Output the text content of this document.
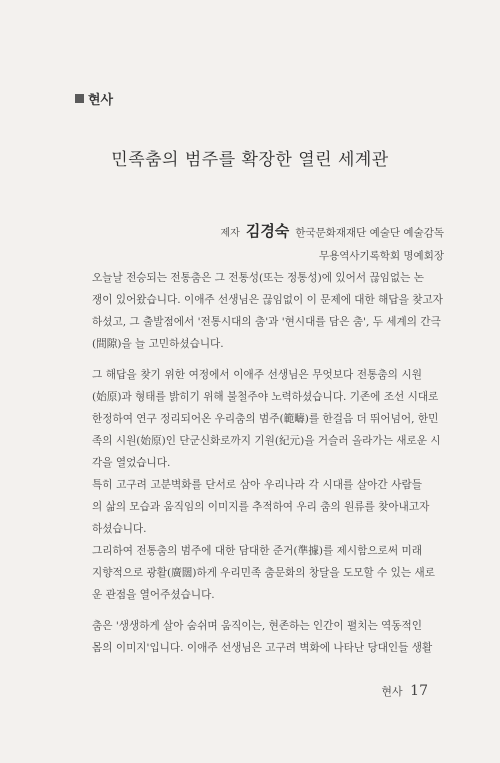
현사
민족춤의 범주를 확장한 열린 세계관
제자 김경숙 한국문화재재단 예술단 예술감독
무용역사기록학회 명예회장

오늘날 전승되는 전통춤은 그 전통성(또는 정통성)에 있어서 끊임없는 논
쟁이 있어왔습니다. 이애주 선생님은 끊임없이 이 문제에 대한 해답을 찾고자
하셨고, 그 출발점에서 '전통시대의 춤'과 '현시대를 담은 춤', 두 세계의 간극
(間隙)을 늘 고민하셨습니다.

그 해답을 찾기 위한 여정에서 이애주 선생님은 무엇보다 전통춤의 시원
(始原)과 형태를 밝히기 위해 불철주야 노력하셨습니다. 기존에 조선 시대로
한정하여 연구 정리되어온 우리춤의 범주(範疇)를 한걸음 더 뛰어넘어, 한민
족의 시원(始原)인 단군신화로까지 기원(紀元)을 거슬러 올라가는 새로운 시
각을 열었습니다.

특히 고구려 고분벽화를 단서로 삼아 우리나라 각 시대를 살아간 사람들
의 삶의 모습과 움직임의 이미지를 추적하여 우리 춤의 원류를 찾아내고자
하셨습니다.

그리하여 전통춤의 범주에 대한 담대한 준거(準據)를 제시함으로써 미래
지향적으로 광활(廣闊)하게 우리민족 춤문화의 창달을 도모할 수 있는 새로
운 관점을 열어주셨습니다.

춤은 '생생하게 살아 숨쉬며 움직이는, 현존하는 인간이 펼치는 역동적인
몸의 이미지'입니다. 이애주 선생님은 고구려 벽화에 나타난 당대인들 생활

현사 17
